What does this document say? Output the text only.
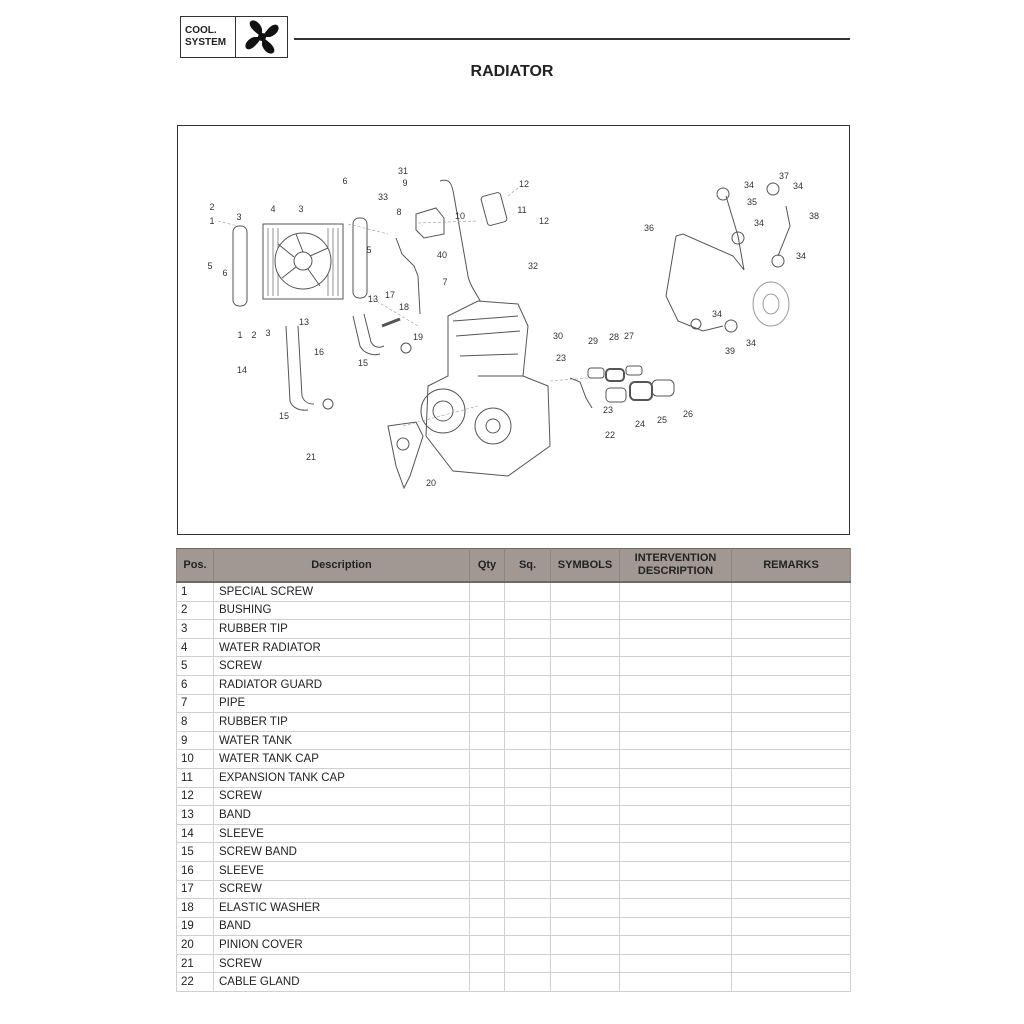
COOL.
SYSTEM
RADIATOR
1
2
3
4	3
6
5
6
1 2 3
13
13
5
33
31
9
8	10
12
11
12
40
7
32
17
18
19
16
15
14
15
21
20
30
23
29 28 27
23
22
24 25
26
36
34
35
34
37
34
38
34
34
34
39
Pos.	Description	Qty	Sq.	SYMBOLS	INTERVENTION DESCRIPTION	REMARKS
1	SPECIAL SCREW					
2	BUSHING					
3	RUBBER TIP					
4	WATER RADIATOR					
5	SCREW					
6	RADIATOR GUARD					
7	PIPE					
8	RUBBER TIP					
9	WATER TANK					
10	WATER TANK CAP					
11	EXPANSION TANK CAP					
12	SCREW					
13	BAND					
14	SLEEVE					
15	SCREW BAND					
16	SLEEVE					
17	SCREW					
18	ELASTIC WASHER					
19	BAND					
20	PINION COVER					
21	SCREW					
22	CABLE GLAND					
